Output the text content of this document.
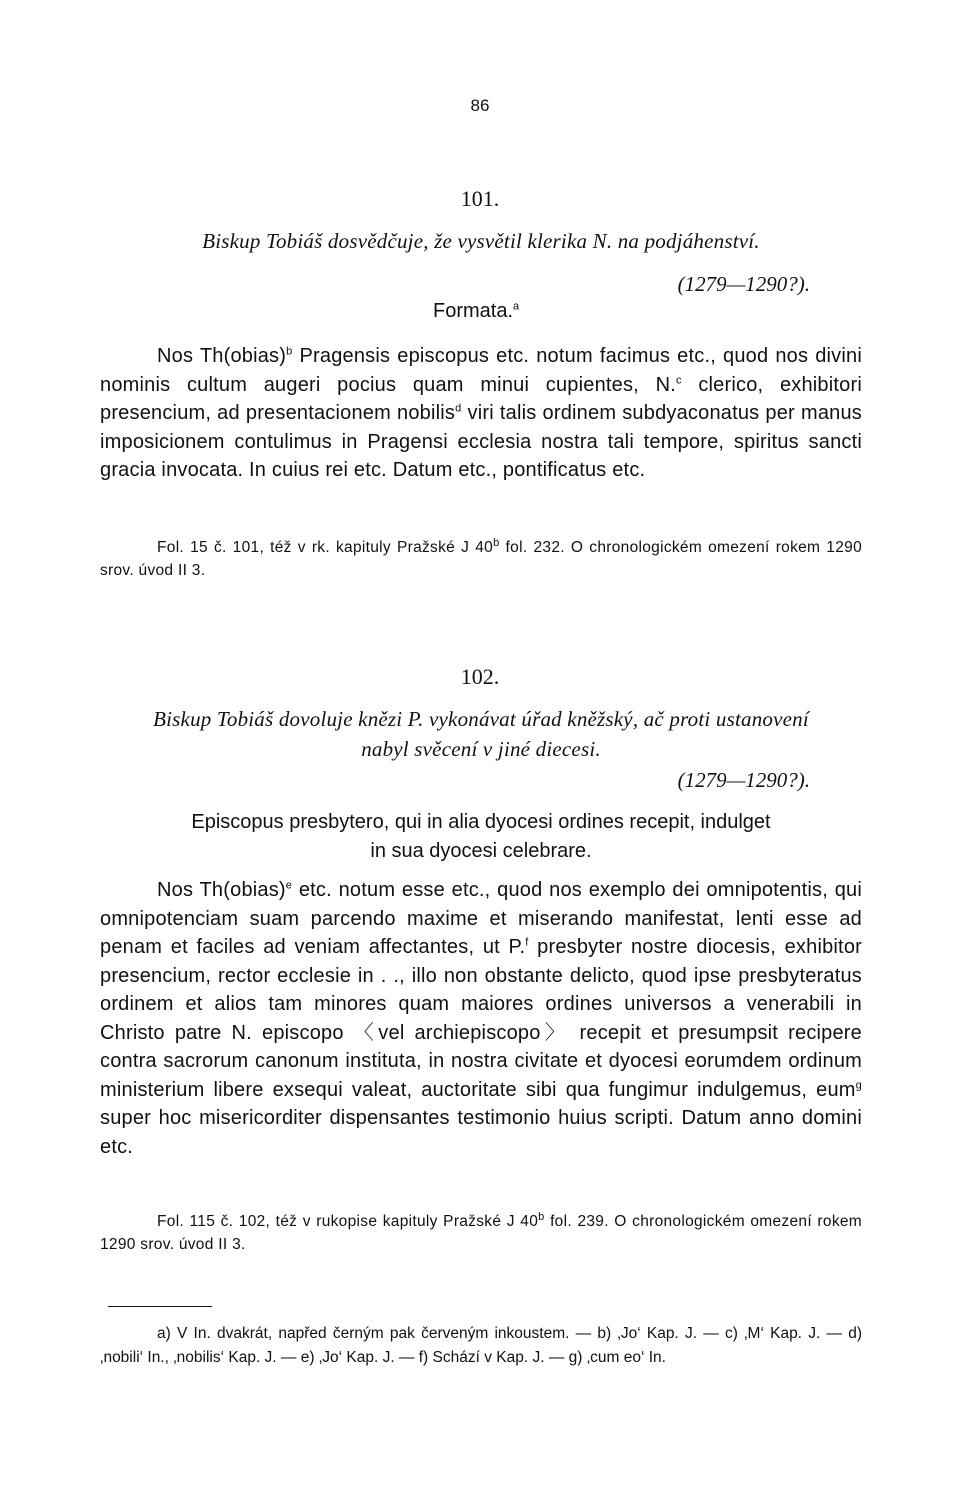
86
101.
Biskup Tobiáš dosvědčuje, že vysvětil klerika N. na podjáhenství.
(1279—1290?).
Formata.$^a$

Nos Th(obias)$^b$ Pragensis episcopus etc. notum facimus etc., quod nos divini nominis cultum augeri pocius quam minui cupientes, N.$^c$ clerico, exhibitori presencium, ad presentacionem nobilis$^d$ viri talis ordinem subdyaconatus per manus imposicionem contulimus in Pragensi ecclesia nostra tali tempore, spiritus sancti gracia invocata. In cuius rei etc. Datum etc., pontificatus etc.

Fol. 15 č. 101, též v rk. kapituly Pražské J 40$^b$ fol. 232. O chronologickém omezení rokem 1290 srov. úvod II 3.

102.
Biskup Tobiáš dovoluje knězi P. vykonávat úřad kněžský, ač proti ustanovení
nabyl svěcení v jiné diecesi.
(1279—1290?).
Episcopus presbytero, qui in alia dyocesi ordines recepit, indulget
in sua dyocesi celebrare.

Nos Th(obias)$^e$ etc. notum esse etc., quod nos exemplo dei omnipotentis, qui omnipotenciam suam parcendo maxime et miserando manifestat, lenti esse ad penam et faciles ad veniam affectantes, ut P.$^f$ presbyter nostre diocesis, exhibitor presencium, rector ecclesie in . ., illo non obstante delicto, quod ipse presbyteratus ordinem et alios tam minores quam maiores ordines universos a venerabili in Christo patre N. episcopo 〈vel archiepiscopo〉 recepit et presumpsit recipere contra sacrorum canonum instituta, in nostra civitate et dyocesi eorumdem ordinum ministerium libere exsequi valeat, auctoritate sibi qua fungimur indulgemus, eum$^g$ super hoc misericorditer dispensantes testimonio huius scripti. Datum anno domini etc.

Fol. 115 č. 102, též v rukopise kapituly Pražské J 40$^b$ fol. 239. O chronologickém omezení rokem 1290 srov. úvod II 3.

a) V In. dvakrát, napřed černým pak červeným inkoustem. — b) ‚Jo‘ Kap. J. — c) ‚M‘ Kap. J. — d) ‚nobili‘ In., ‚nobilis‘ Kap. J. — e) ‚Jo‘ Kap. J. — f) Schází v Kap. J. — g) ‚cum eo‘ In.
